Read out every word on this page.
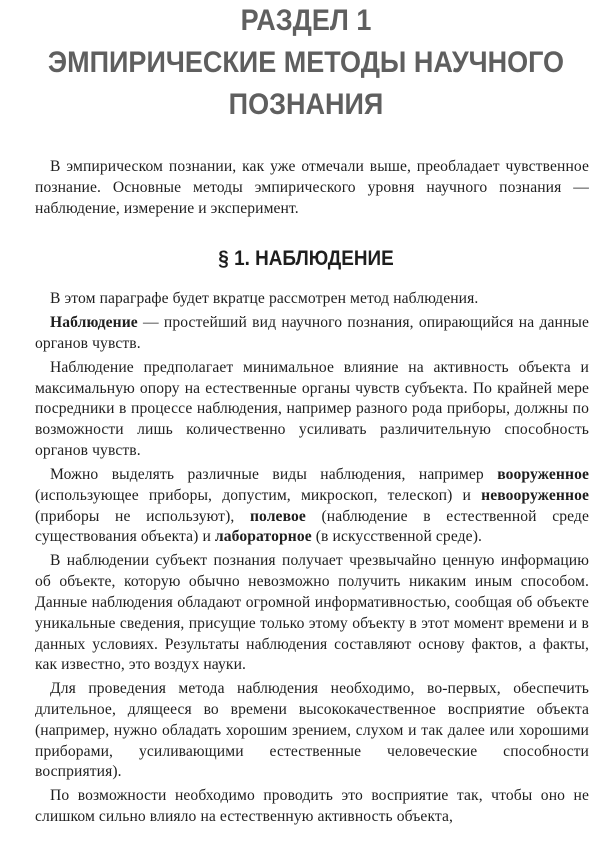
РАЗДЕЛ 1
ЭМПИРИЧЕСКИЕ МЕТОДЫ НАУЧНОГО
ПОЗНАНИЯ

В эмпирическом познании, как уже отмечали выше, преобладает чувственное познание. Основные методы эмпирического уровня научного познания — наблюдение, измерение и эксперимент.

§ 1. НАБЛЮДЕНИЕ

В этом параграфе будет вкратце рассмотрен метод наблюдения.

Наблюдение — простейший вид научного познания, опирающийся на данные органов чувств.

Наблюдение предполагает минимальное влияние на активность объекта и максимальную опору на естественные органы чувств субъекта. По крайней мере посредники в процессе наблюдения, например разного рода приборы, должны по возможности лишь количественно усиливать различительную способность органов чувств.

Можно выделять различные виды наблюдения, например вооруженное (использующее приборы, допустим, микроскоп, телескоп) и невооруженное (приборы не используют), полевое (наблюдение в естественной среде существования объекта) и лабораторное (в искусственной среде).

В наблюдении субъект познания получает чрезвычайно ценную информацию об объекте, которую обычно невозможно получить никаким иным способом. Данные наблюдения обладают огромной информативностью, сообщая об объекте уникальные сведения, присущие только этому объекту в этот момент времени и в данных условиях. Результаты наблюдения составляют основу фактов, а факты, как известно, это воздух науки.

Для проведения метода наблюдения необходимо, во-первых, обеспечить длительное, длящееся во времени высококачественное восприятие объекта (например, нужно обладать хорошим зрением, слухом и так далее или хорошими приборами, усиливающими естественные человеческие способности восприятия).

По возможности необходимо проводить это восприятие так, чтобы оно не слишком сильно влияло на естественную активность объекта,
